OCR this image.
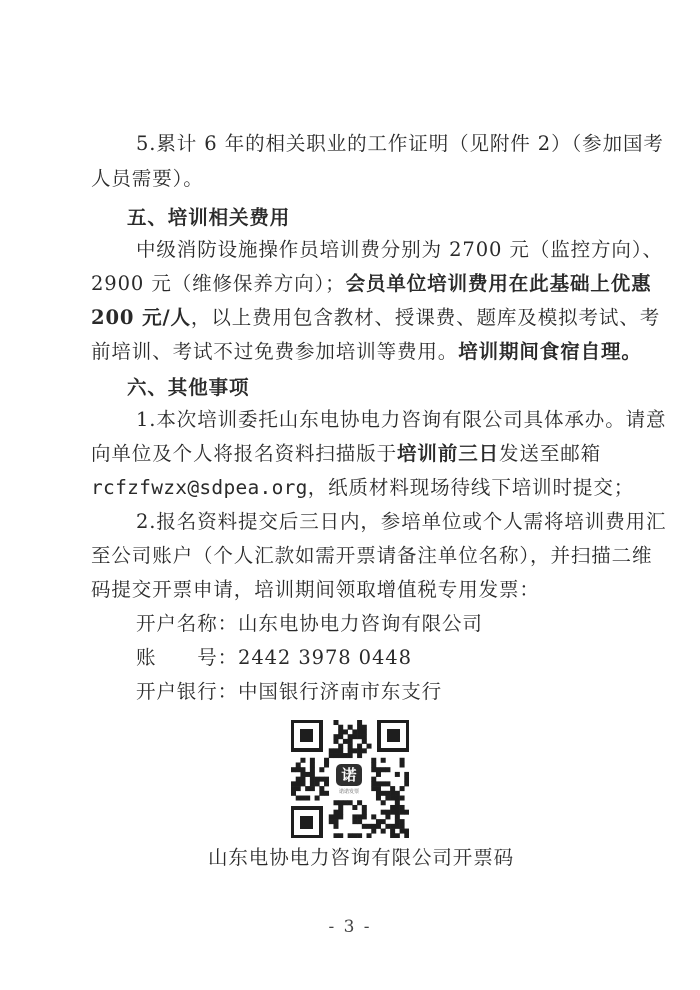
5.累计 6 年的相关职业的工作证明（见附件 2）（参加国考
人员需要）。
五、培训相关费用
中级消防设施操作员培训费分别为 2700 元（监控方向）、
2900 元（维修保养方向）；会员单位培训费用在此基础上优惠
200 元/人，以上费用包含教材、授课费、题库及模拟考试、考
前培训、考试不过免费参加培训等费用。培训期间食宿自理。
六、其他事项
1.本次培训委托山东电协电力咨询有限公司具体承办。请意
向单位及个人将报名资料扫描版于培训前三日发送至邮箱
rcfzfwzx@sdpea.org，纸质材料现场待线下培训时提交；
2.报名资料提交后三日内，参培单位或个人需将培训费用汇
至公司账户（个人汇款如需开票请备注单位名称），并扫描二维
码提交开票申请，培训期间领取增值税专用发票：
开户名称：山东电协电力咨询有限公司
账　　号：2442 3978 0448
开户银行：中国银行济南市东支行
诺
诺诺发票
山东电协电力咨询有限公司开票码
- 3 -
